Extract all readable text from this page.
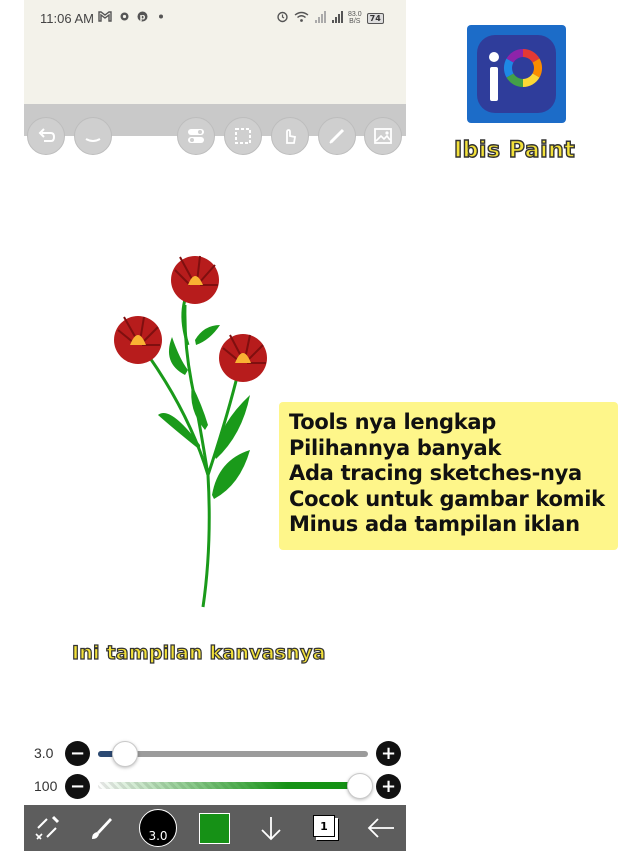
11:06 AM	p	83.0
B/S	74
Ibis Paint
Tools nya lengkap
Pilihannya banyak
Ada tracing sketches-nya
Cocok untuk gambar komik
Minus ada tampilan iklan
Ini tampilan kanvasnya
3.0 −	+
100 −	+
3.0
1
